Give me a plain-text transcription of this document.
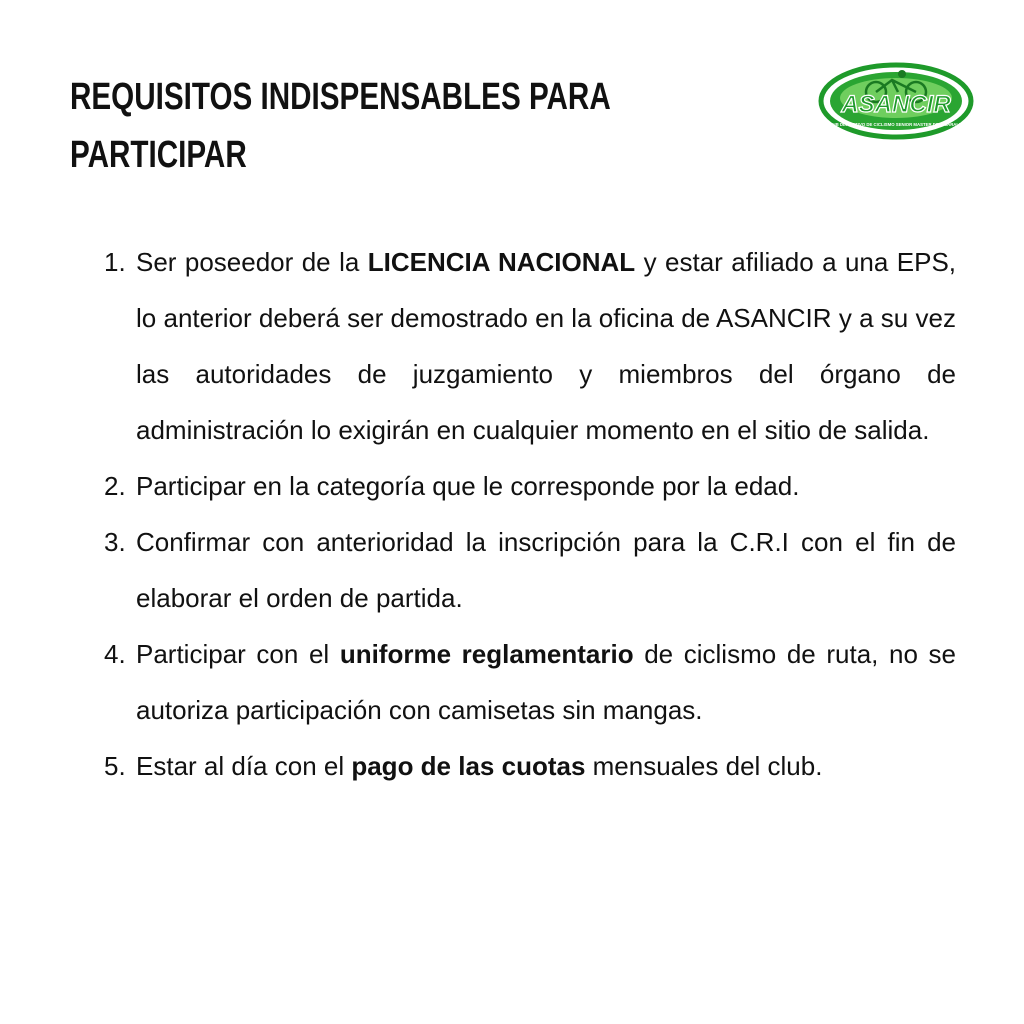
REQUISITOS INDISPENSABLES PARA
PARTICIPAR
ASANCIR
CLUB DEPORTIVO DE CICLISMO SENIOR MASTER DE RISARALDA
1. Ser poseedor de la LICENCIA NACIONAL y estar afiliado a una EPS, lo anterior deberá ser demostrado en la oficina de ASANCIR y a su vez las autoridades de juzgamiento y miembros del órgano de administración lo exigirán en cualquier momento en el sitio de salida.
2. Participar en la categoría que le corresponde por la edad.
3. Confirmar con anterioridad la inscripción para la C.R.I con el fin de elaborar el orden de partida.
4. Participar con el uniforme reglamentario de ciclismo de ruta, no se autoriza participación con camisetas sin mangas.
5. Estar al día con el pago de las cuotas mensuales del club.
